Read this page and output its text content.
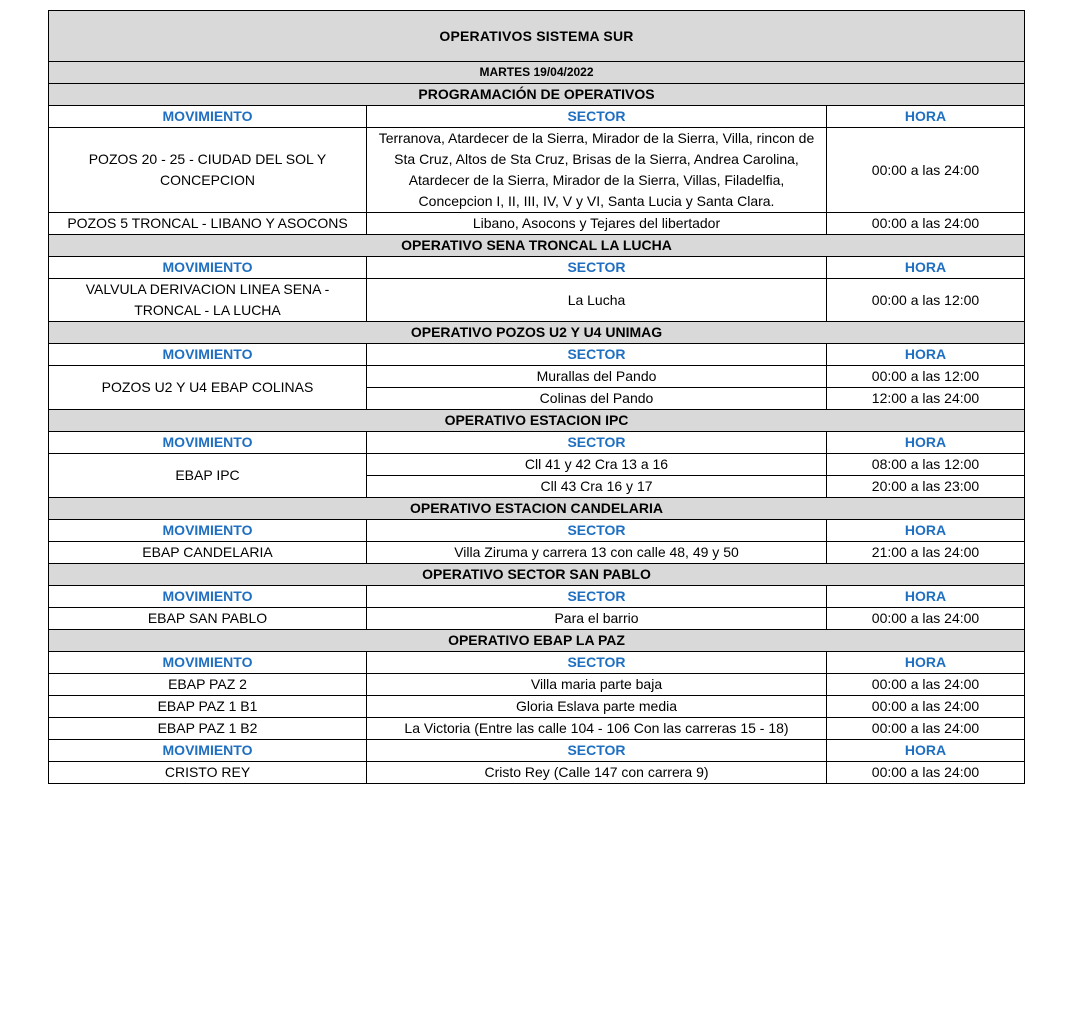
OPERATIVOS SISTEMA SUR		
MARTES 19/04/2022		
PROGRAMACIÓN DE OPERATIVOS		
MOVIMIENTO	SECTOR	HORA
POZOS 20 - 25 - CIUDAD DEL SOL Y CONCEPCION	Terranova, Atardecer de la Sierra, Mirador de la Sierra, Villa, rincon de Sta Cruz, Altos de Sta Cruz, Brisas de la Sierra, Andrea Carolina, Atardecer de la Sierra, Mirador de la Sierra, Villas, Filadelfia, Concepcion I, II, III, IV, V y VI, Santa Lucia y Santa Clara.	00:00 a las 24:00
POZOS 5 TRONCAL - LIBANO Y ASOCONS	Libano, Asocons y Tejares del libertador	00:00 a las 24:00
OPERATIVO SENA TRONCAL LA LUCHA		
MOVIMIENTO	SECTOR	HORA
VALVULA DERIVACION LINEA SENA - TRONCAL - LA LUCHA	La Lucha	00:00 a las 12:00
OPERATIVO POZOS U2 Y U4 UNIMAG		
MOVIMIENTO	SECTOR	HORA
POZOS U2 Y U4 EBAP COLINAS	Murallas del Pando	00:00 a las 12:00
	Colinas del Pando	12:00 a las 24:00
OPERATIVO ESTACION IPC		
MOVIMIENTO	SECTOR	HORA
EBAP IPC	Cll 41 y 42 Cra 13 a 16	08:00 a las 12:00
	Cll 43 Cra 16 y 17	20:00 a las 23:00
OPERATIVO ESTACION CANDELARIA		
MOVIMIENTO	SECTOR	HORA
EBAP CANDELARIA	Villa Ziruma y carrera 13 con calle 48, 49 y 50	21:00 a las 24:00
OPERATIVO SECTOR SAN PABLO		
MOVIMIENTO	SECTOR	HORA
EBAP SAN PABLO	Para el barrio	00:00 a las 24:00
OPERATIVO EBAP LA PAZ		
MOVIMIENTO	SECTOR	HORA
EBAP PAZ 2	Villa maria parte baja	00:00 a las 24:00
EBAP PAZ 1 B1	Gloria Eslava parte media	00:00 a las 24:00
EBAP PAZ 1 B2	La Victoria (Entre las calle 104 - 106 Con las carreras 15 - 18)	00:00 a las 24:00
MOVIMIENTO	SECTOR	HORA
CRISTO REY	Cristo Rey (Calle 147 con carrera 9)	00:00 a las 24:00
